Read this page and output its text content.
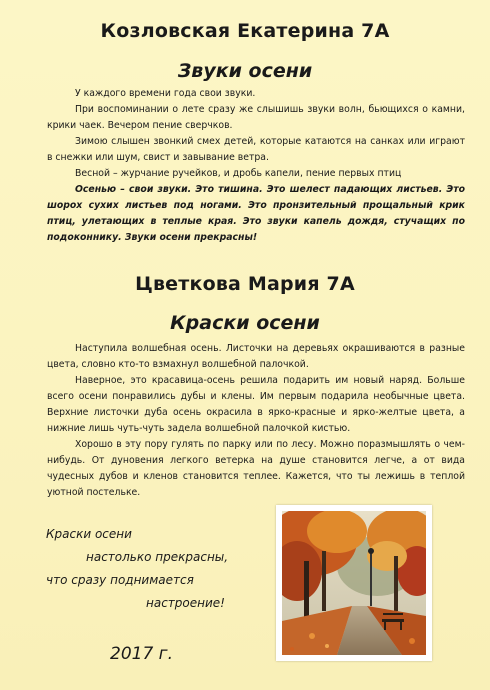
Козловская Екатерина 7А
Звуки осени

У каждого времени года свои звуки.

При воспоминании о лете сразу же слышишь звуки волн, бьющихся о камни, крики чаек. Вечером пение сверчков.

Зимою слышен звонкий смех детей, которые катаются на санках или играют в снежки или шум, свист и завывание ветра.

Весной – журчание ручейков, и дробь капели, пение первых птиц

Осенью – свои звуки. Это тишина. Это шелест падающих листьев. Это шорох сухих листьев под ногами. Это пронзительный прощальный крик птиц, улетающих в теплые края. Это звуки капель дождя, стучащих по подоконнику. Звуки осени прекрасны!

Цветкова Мария 7А
Краски осени

Наступила волшебная осень. Листочки на деревьях окрашиваются в разные цвета, словно кто-то взмахнул волшебной палочкой.

Наверное, это красавица-осень решила подарить им новый наряд. Больше всего осени понравились дубы и клены. Им первым подарила необычные цвета. Верхние листочки дуба осень окрасила в ярко-красные и ярко-желтые цвета, а нижние лишь чуть-чуть задела волшебной палочкой кистью.

Хорошо в эту пору гулять по парку или по лесу. Можно поразмышлять о чем-нибудь. От дуновения легкого ветерка на душе становится легче, а от вида чудесных дубов и кленов становится теплее. Кажется, что ты лежишь в теплой уютной постельке.

Краски осени
настолько прекрасны,
что сразу поднимается
настроение!
2017 г.
